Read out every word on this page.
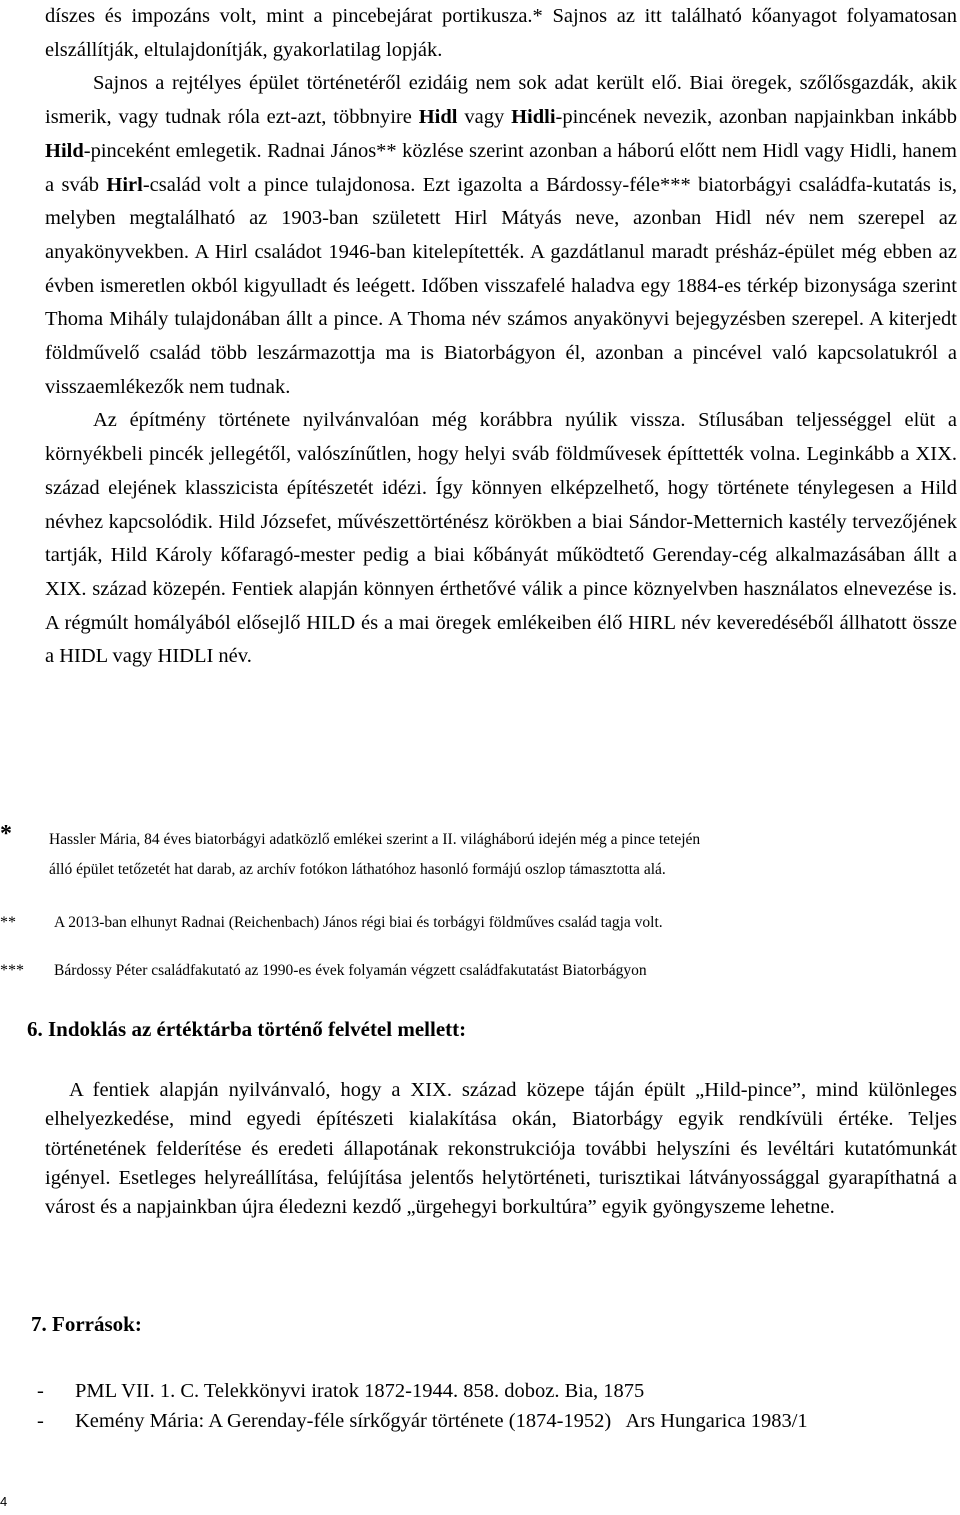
díszes és impozáns volt, mint a pincebejárat portikusza.* Sajnos az itt található kőanyagot folyamatosan elszállítják, eltulajdonítják, gyakorlatilag lopják.

Sajnos a rejtélyes épület történetéről ezidáig nem sok adat került elő. Biai öregek, szőlősgazdák, akik ismerik, vagy tudnak róla ezt-azt, többnyire Hidl vagy Hidli-pincének nevezik, azonban napjainkban inkább Hild-pinceként emlegetik. Radnai János** közlése szerint azonban a háború előtt nem Hidl vagy Hidli, hanem a sváb Hirl-család volt a pince tulajdonosa. Ezt igazolta a Bárdossy-féle*** biatorbágyi családfa-kutatás is, melyben megtalálható az 1903-ban született Hirl Mátyás neve, azonban Hidl név nem szerepel az anyakönyvekben. A Hirl családot 1946-ban kitelepítették. A gazdátlanul maradt présház-épület még ebben az évben ismeretlen okból kigyulladt és leégett. Időben visszafelé haladva egy 1884-es térkép bizonysága szerint Thoma Mihály tulajdonában állt a pince. A Thoma név számos anyakönyvi bejegyzésben szerepel. A kiterjedt földművelő család több leszármazottja ma is Biatorbágyon él, azonban a pincével való kapcsolatukról a visszaemlékezők nem tudnak.

Az építmény története nyilvánvalóan még korábbra nyúlik vissza. Stílusában teljességgel elüt a környékbeli pincék jellegétől, valószínűtlen, hogy helyi sváb földművesek építtették volna. Leginkább a XIX. század elejének klasszicista építészetét idézi. Így könnyen elképzelhető, hogy története ténylegesen a Hild névhez kapcsolódik. Hild Józsefet, művészettörténész körökben a biai Sándor-Metternich kastély tervezőjének tartják, Hild Károly kőfaragó-mester pedig a biai kőbányát működtető Gerenday-cég alkalmazásában állt a XIX. század közepén. Fentiek alapján könnyen érthetővé válik a pince köznyelvben használatos elnevezése is. A régmúlt homályából elősejlő HILD és a mai öregek emlékeiben élő HIRL név keveredéséből állhatott össze a HIDL vagy HIDLI név.

* Hassler Mária, 84 éves biatorbágyi adatközlő emlékei szerint a II. világháború idején még a pince tetején
álló épület tetőzetét hat darab, az archív fotókon láthatóhoz hasonló formájú oszlop támasztotta alá.
** A 2013-ban elhunyt Radnai (Reichenbach) János régi biai és torbágyi földműves család tagja volt.
*** Bárdossy Péter családfakutató az 1990-es évek folyamán végzett családfakutatást Biatorbágyon
6. Indoklás az értéktárba történő felvétel mellett:

A fentiek alapján nyilvánvaló, hogy a XIX. század közepe táján épült „Hild-pince”, mind különleges elhelyezkedése, mind egyedi építészeti kialakítása okán, Biatorbágy egyik rendkívüli értéke. Teljes történetének felderítése és eredeti állapotának rekonstrukciója további helyszíni és levéltári kutatómunkát igényel. Esetleges helyreállítása, felújítása jelentős helytörténeti, turisztikai látványossággal gyarapíthatná a várost és a napjainkban újra éledezni kezdő „ürgehegyi borkultúra” egyik gyöngyszeme lehetne.

7. Források:
- PML VII. 1. C. Telekkönyvi iratok 1872-1944. 858. doboz. Bia, 1875
- Kemény Mária: A Gerenday-féle sírkőgyár története (1874-1952)   Ars Hungarica 1983/1
4
